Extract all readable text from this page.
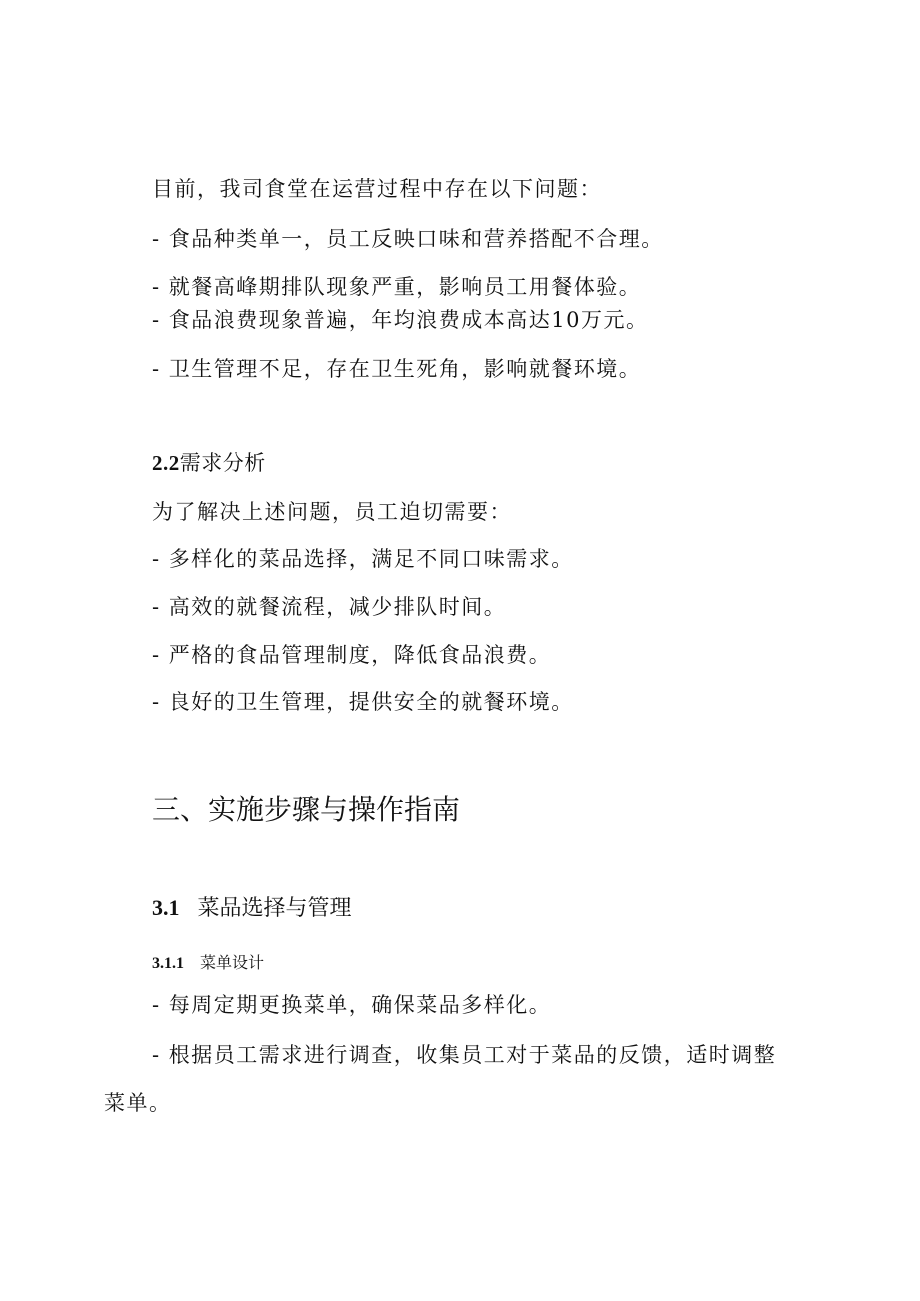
目前，我司食堂在运营过程中存在以下问题：
- 食品种类单一，员工反映口味和营养搭配不合理。
- 就餐高峰期排队现象严重，影响员工用餐体验。
- 食品浪费现象普遍，年均浪费成本高达10万元。
- 卫生管理不足，存在卫生死角，影响就餐环境。
2.2需求分析
为了解决上述问题，员工迫切需要：
- 多样化的菜品选择，满足不同口味需求。
- 高效的就餐流程，减少排队时间。
- 严格的食品管理制度，降低食品浪费。
- 良好的卫生管理，提供安全的就餐环境。
三、实施步骤与操作指南
3.1 菜品选择与管理
3.1.1 菜单设计
- 每周定期更换菜单，确保菜品多样化。
- 根据员工需求进行调查，收集员工对于菜品的反馈，适时调整
菜单。
